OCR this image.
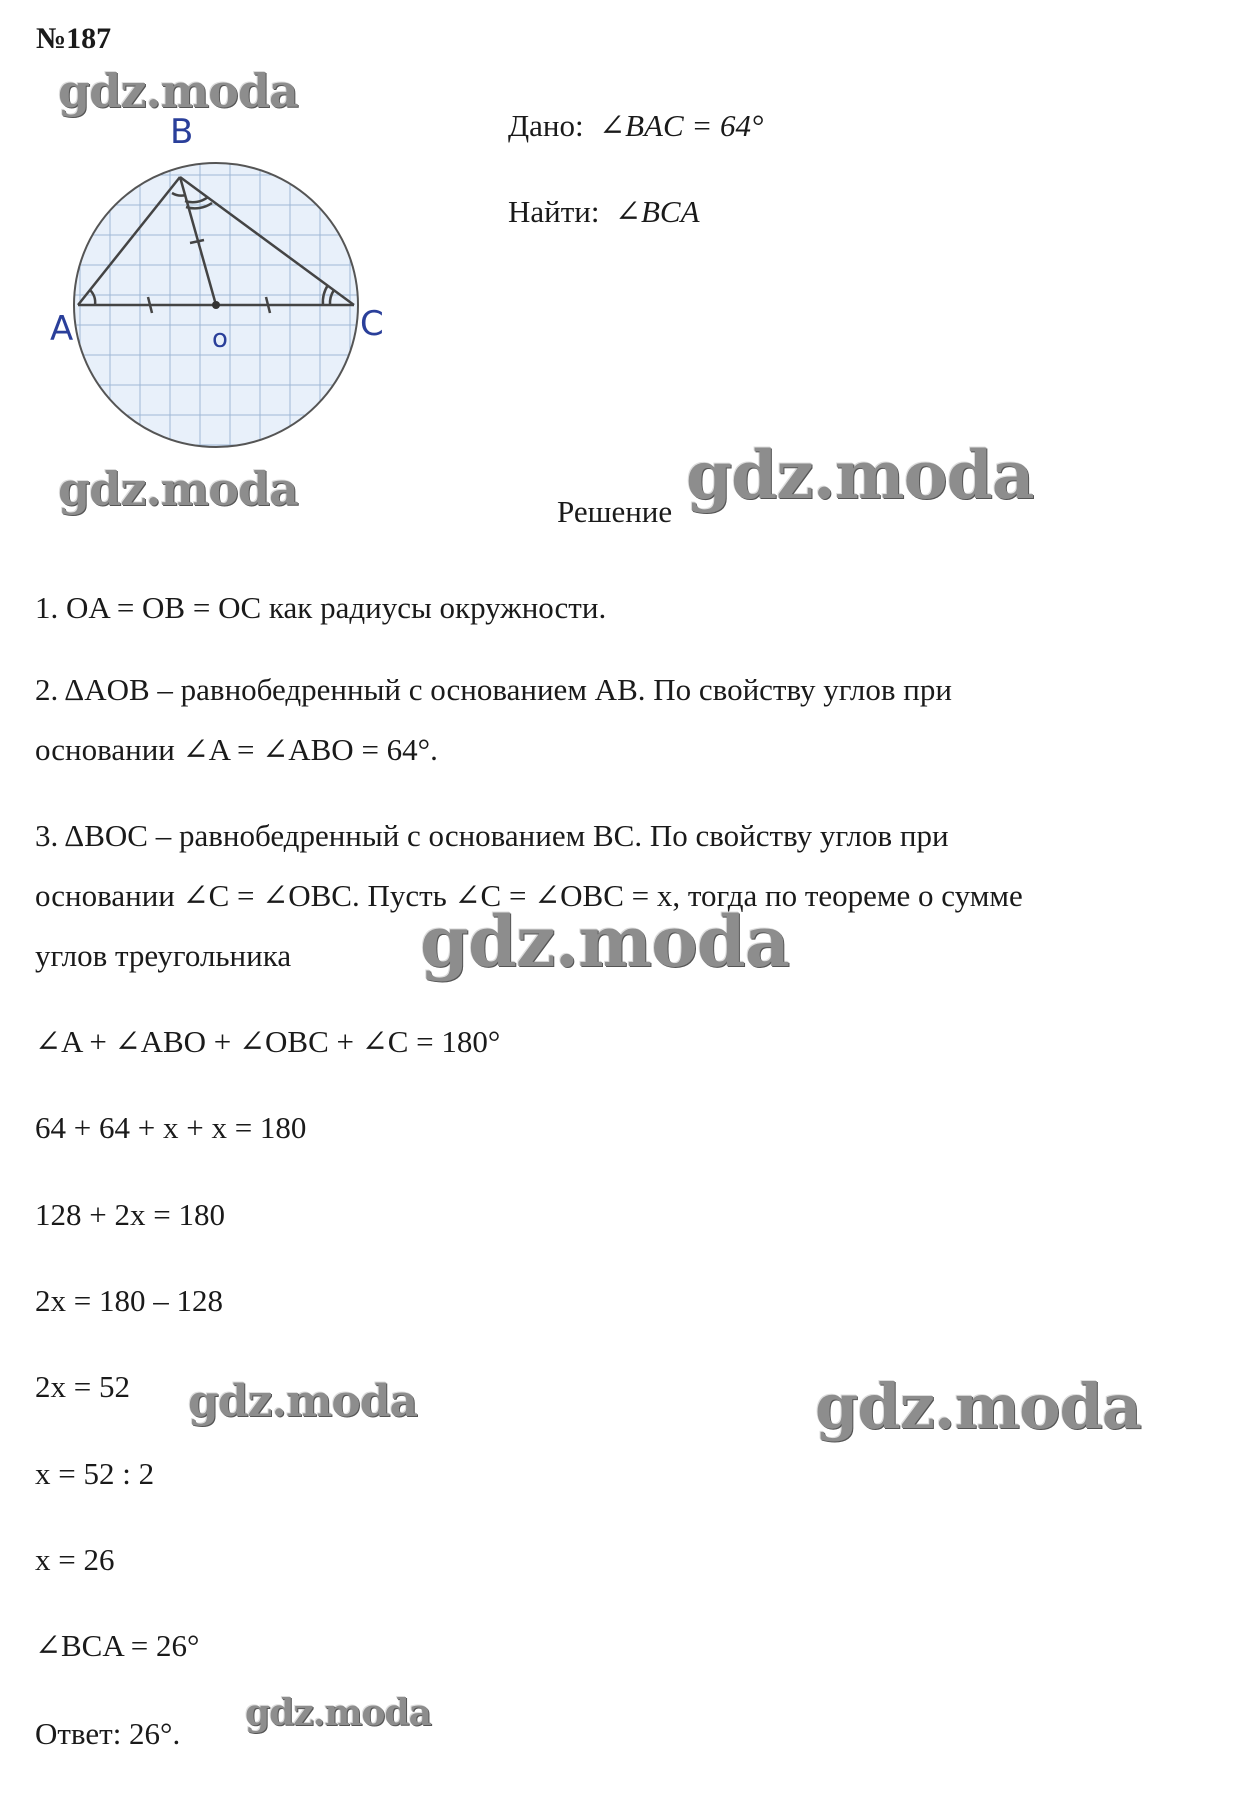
№187
B
A	C
o
Дано: ∠BAC = 64°
Найти: ∠BCA
Решение
1. OA = OB = OC как радиусы окружности.
2. ΔAOB – равнобедренный с основанием AB. По свойству углов при
основании ∠A = ∠ABO = 64°.
3. ΔBOC – равнобедренный с основанием BC. По свойству углов при
основании ∠C = ∠OBC. Пусть ∠C = ∠OBC = x, тогда по теореме о сумме
углов треугольника
∠A + ∠ABO + ∠OBC + ∠C = 180°
64 + 64 + x + x = 180
128 + 2x = 180
2x = 180 – 128
2x = 52
x = 52 : 2
x = 26
∠BCA = 26°
Ответ: 26°.
gdz.moda
gdz.moda	gdz.moda
gdz.moda
gdz.moda	gdz.moda
gdz.moda
